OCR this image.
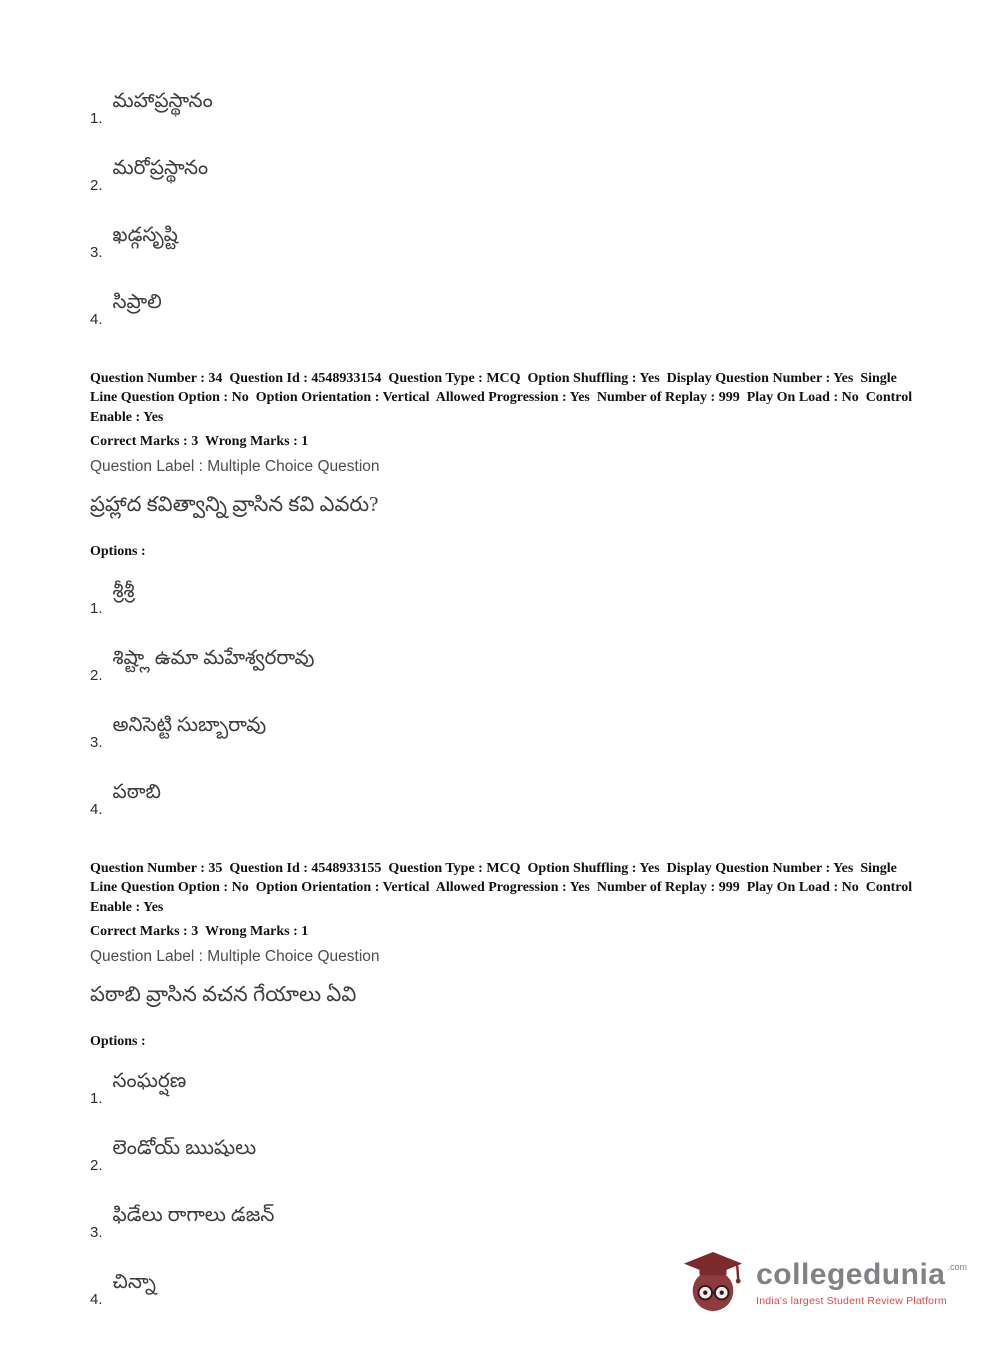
1.
మహాప్రస్థానం
2.
మరోప్రస్థానం
3.
ఖడ్గసృష్టి
4.
సిప్రాలి
Question Number : 34  Question Id : 4548933154  Question Type : MCQ  Option Shuffling : Yes  Display Question Number : Yes  Single Line Question Option : No  Option Orientation : Vertical  Allowed Progression : Yes  Number of Replay : 999  Play On Load : No  Control Enable : Yes
Correct Marks : 3  Wrong Marks : 1
Question Label : Multiple Choice Question
ప్రహ్లాద కవిత్వాన్ని వ్రాసిన కవి ఎవరు?
Options :
1.
శ్రీశ్రీ
2.
శిష్ట్లా ఉమా మహేశ్వరరావు
3.
అనిసెట్టి సుబ్బారావు
4.
పఠాబి
Question Number : 35  Question Id : 4548933155  Question Type : MCQ  Option Shuffling : Yes  Display Question Number : Yes  Single Line Question Option : No  Option Orientation : Vertical  Allowed Progression : Yes  Number of Replay : 999  Play On Load : No  Control Enable : Yes
Correct Marks : 3  Wrong Marks : 1
Question Label : Multiple Choice Question
పఠాబి వ్రాసిన వచన గేయాలు ఏవి
Options :
1.
సంఘర్షణ
2.
లెండోయ్ ఋషులు
3.
ఫిడేలు రాగాలు డజన్
4.
చిన్నా	collegedunia .com
India's largest Student Review Platform
